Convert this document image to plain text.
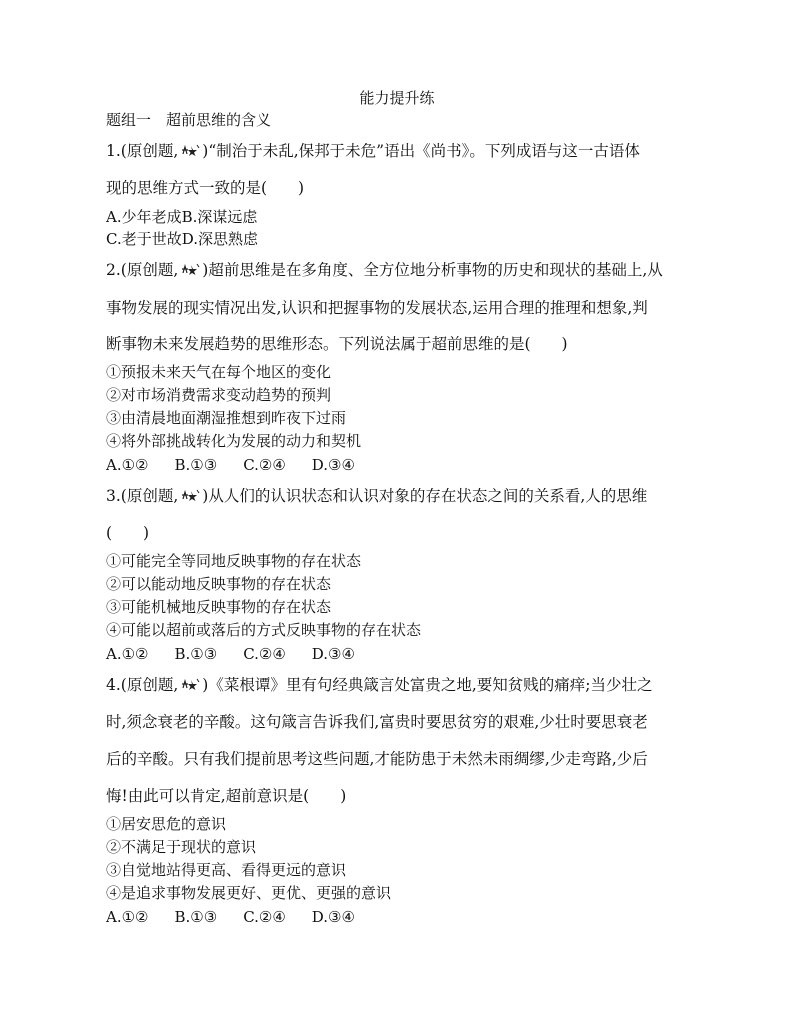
能力提升练
题组一　超前思维的含义
1.(原创题, )“制治于未乱,保邦于未危”语出《尚书》。下列成语与这一古语体
现的思维方式一致的是(　　)
A.少年老成B.深谋远虑
C.老于世故D.深思熟虑
2.(原创题, )超前思维是在多角度、全方位地分析事物的历史和现状的基础上,从
事物发展的现实情况出发,认识和把握事物的发展状态,运用合理的推理和想象,判
断事物未来发展趋势的思维形态。下列说法属于超前思维的是(　　)
①预报未来天气在每个地区的变化
②对市场消费需求变动趋势的预判
③由清晨地面潮湿推想到昨夜下过雨
④将外部挑战转化为发展的动力和契机
A.①② B.①③ C.②④ D.③④
3.(原创题, )从人们的认识状态和认识对象的存在状态之间的关系看,人的思维
(　　)
①可能完全等同地反映事物的存在状态
②可以能动地反映事物的存在状态
③可能机械地反映事物的存在状态
④可能以超前或落后的方式反映事物的存在状态
A.①② B.①③ C.②④ D.③④
4.(原创题, )《菜根谭》里有句经典箴言处富贵之地,要知贫贱的痛痒;当少壮之
时,须念衰老的辛酸。这句箴言告诉我们,富贵时要思贫穷的艰难,少壮时要思衰老
后的辛酸。只有我们提前思考这些问题,才能防患于未然未雨绸缪,少走弯路,少后
悔!由此可以肯定,超前意识是(　　)
①居安思危的意识
②不满足于现状的意识
③自觉地站得更高、看得更远的意识
④是追求事物发展更好、更优、更强的意识
A.①② B.①③ C.②④ D.③④
